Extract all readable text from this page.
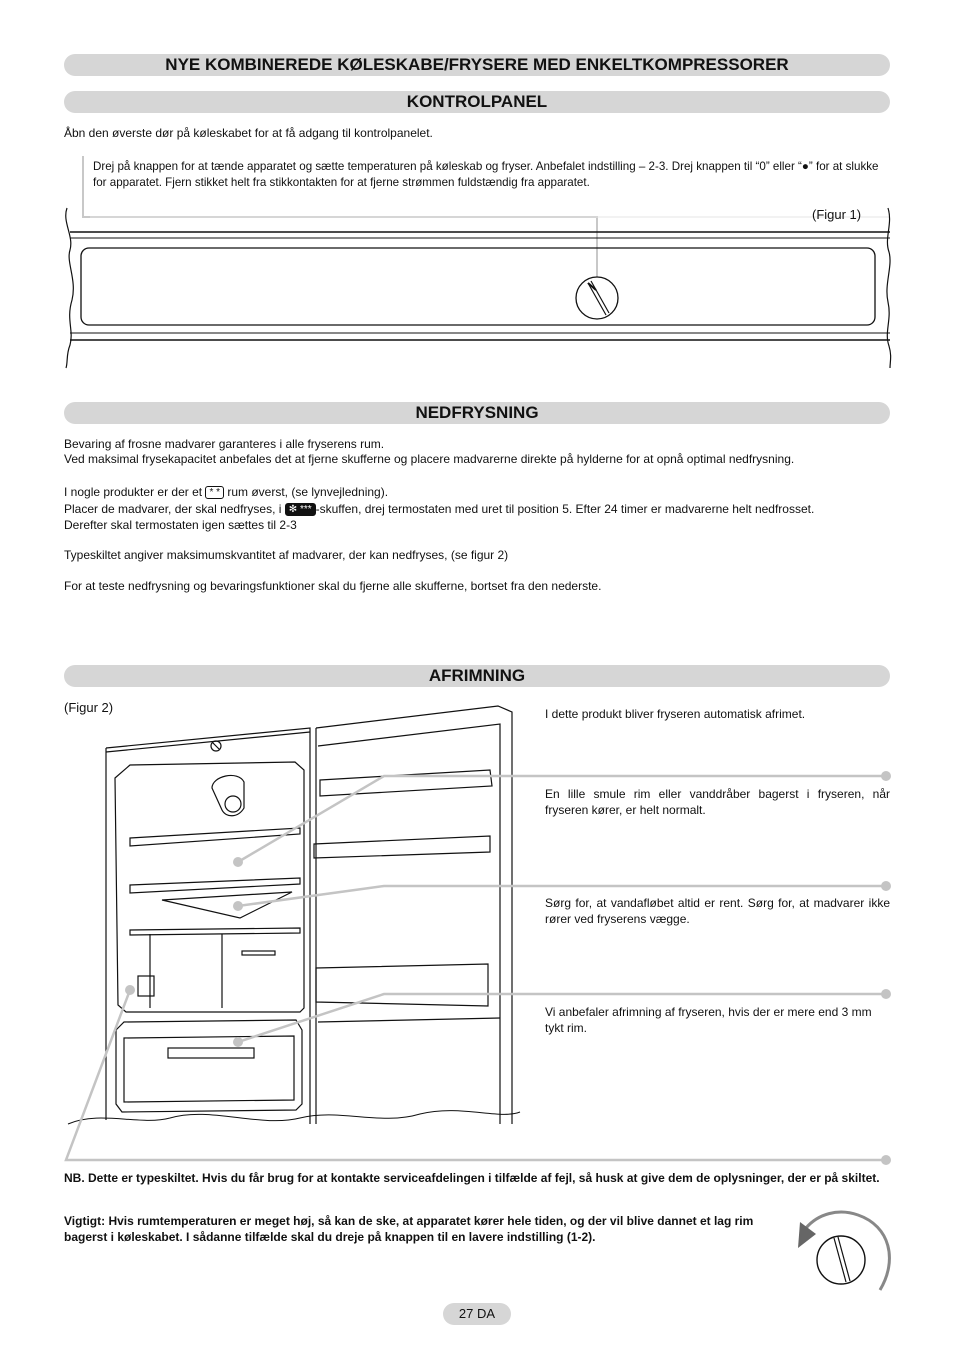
NYE KOMBINEREDE KØLESKABE/FRYSERE MED ENKELTKOMPRESSORER
KONTROLPANEL
Åbn den øverste dør på køleskabet for at få adgang til kontrolpanelet.
Drej på knappen for at tænde apparatet og sætte temperaturen på køleskab og fryser. Anbefalet indstilling – 2-3. Drej knappen til “0” eller “●” for at slukke for apparatet. Fjern stikket helt fra stikkontakten for at fjerne strømmen fuldstændig fra apparatet.
(Figur 1)
NEDFRYSNING
Bevaring af frosne madvarer garanteres i alle fryserens rum.
Ved maksimal frysekapacitet anbefales det at fjerne skufferne og placere madvarerne direkte på hylderne for at opnå optimal nedfrysning.
I nogle produkter er der et * * rum øverst, (se lynvejledning).
Placer de madvarer, der skal nedfryses, i ✻ *** -skuffen, drej termostaten med uret til position 5. Efter 24 timer er madvarerne helt nedfrosset.
Derefter skal termostaten igen sættes til 2-3
Typeskiltet angiver maksimumskvantitet af madvarer, der kan nedfryses, (se figur 2)
For at teste nedfrysning og bevaringsfunktioner skal du fjerne alle skufferne, bortset fra den nederste.
AFRIMNING
(Figur 2)	I dette produkt bliver fryseren automatisk afrimet.
En lille smule rim eller vanddråber bagerst i fryseren, når fryseren kører, er helt normalt.
Sørg for, at vandafløbet altid er rent. Sørg for, at madvarer ikke rører ved fryserens vægge.
Vi anbefaler afrimning af fryseren, hvis der er mere end 3 mm tykt rim.
NB. Dette er typeskiltet. Hvis du får brug for at kontakte serviceafdelingen i tilfælde af fejl, så husk at give dem de oplysninger, der er på skiltet.
Vigtigt: Hvis rumtemperaturen er meget høj, så kan de ske, at apparatet kører hele tiden, og der vil blive dannet et lag rim bagerst i køleskabet. I sådanne tilfælde skal du dreje på knappen til en lavere indstilling (1-2).
27 DA
